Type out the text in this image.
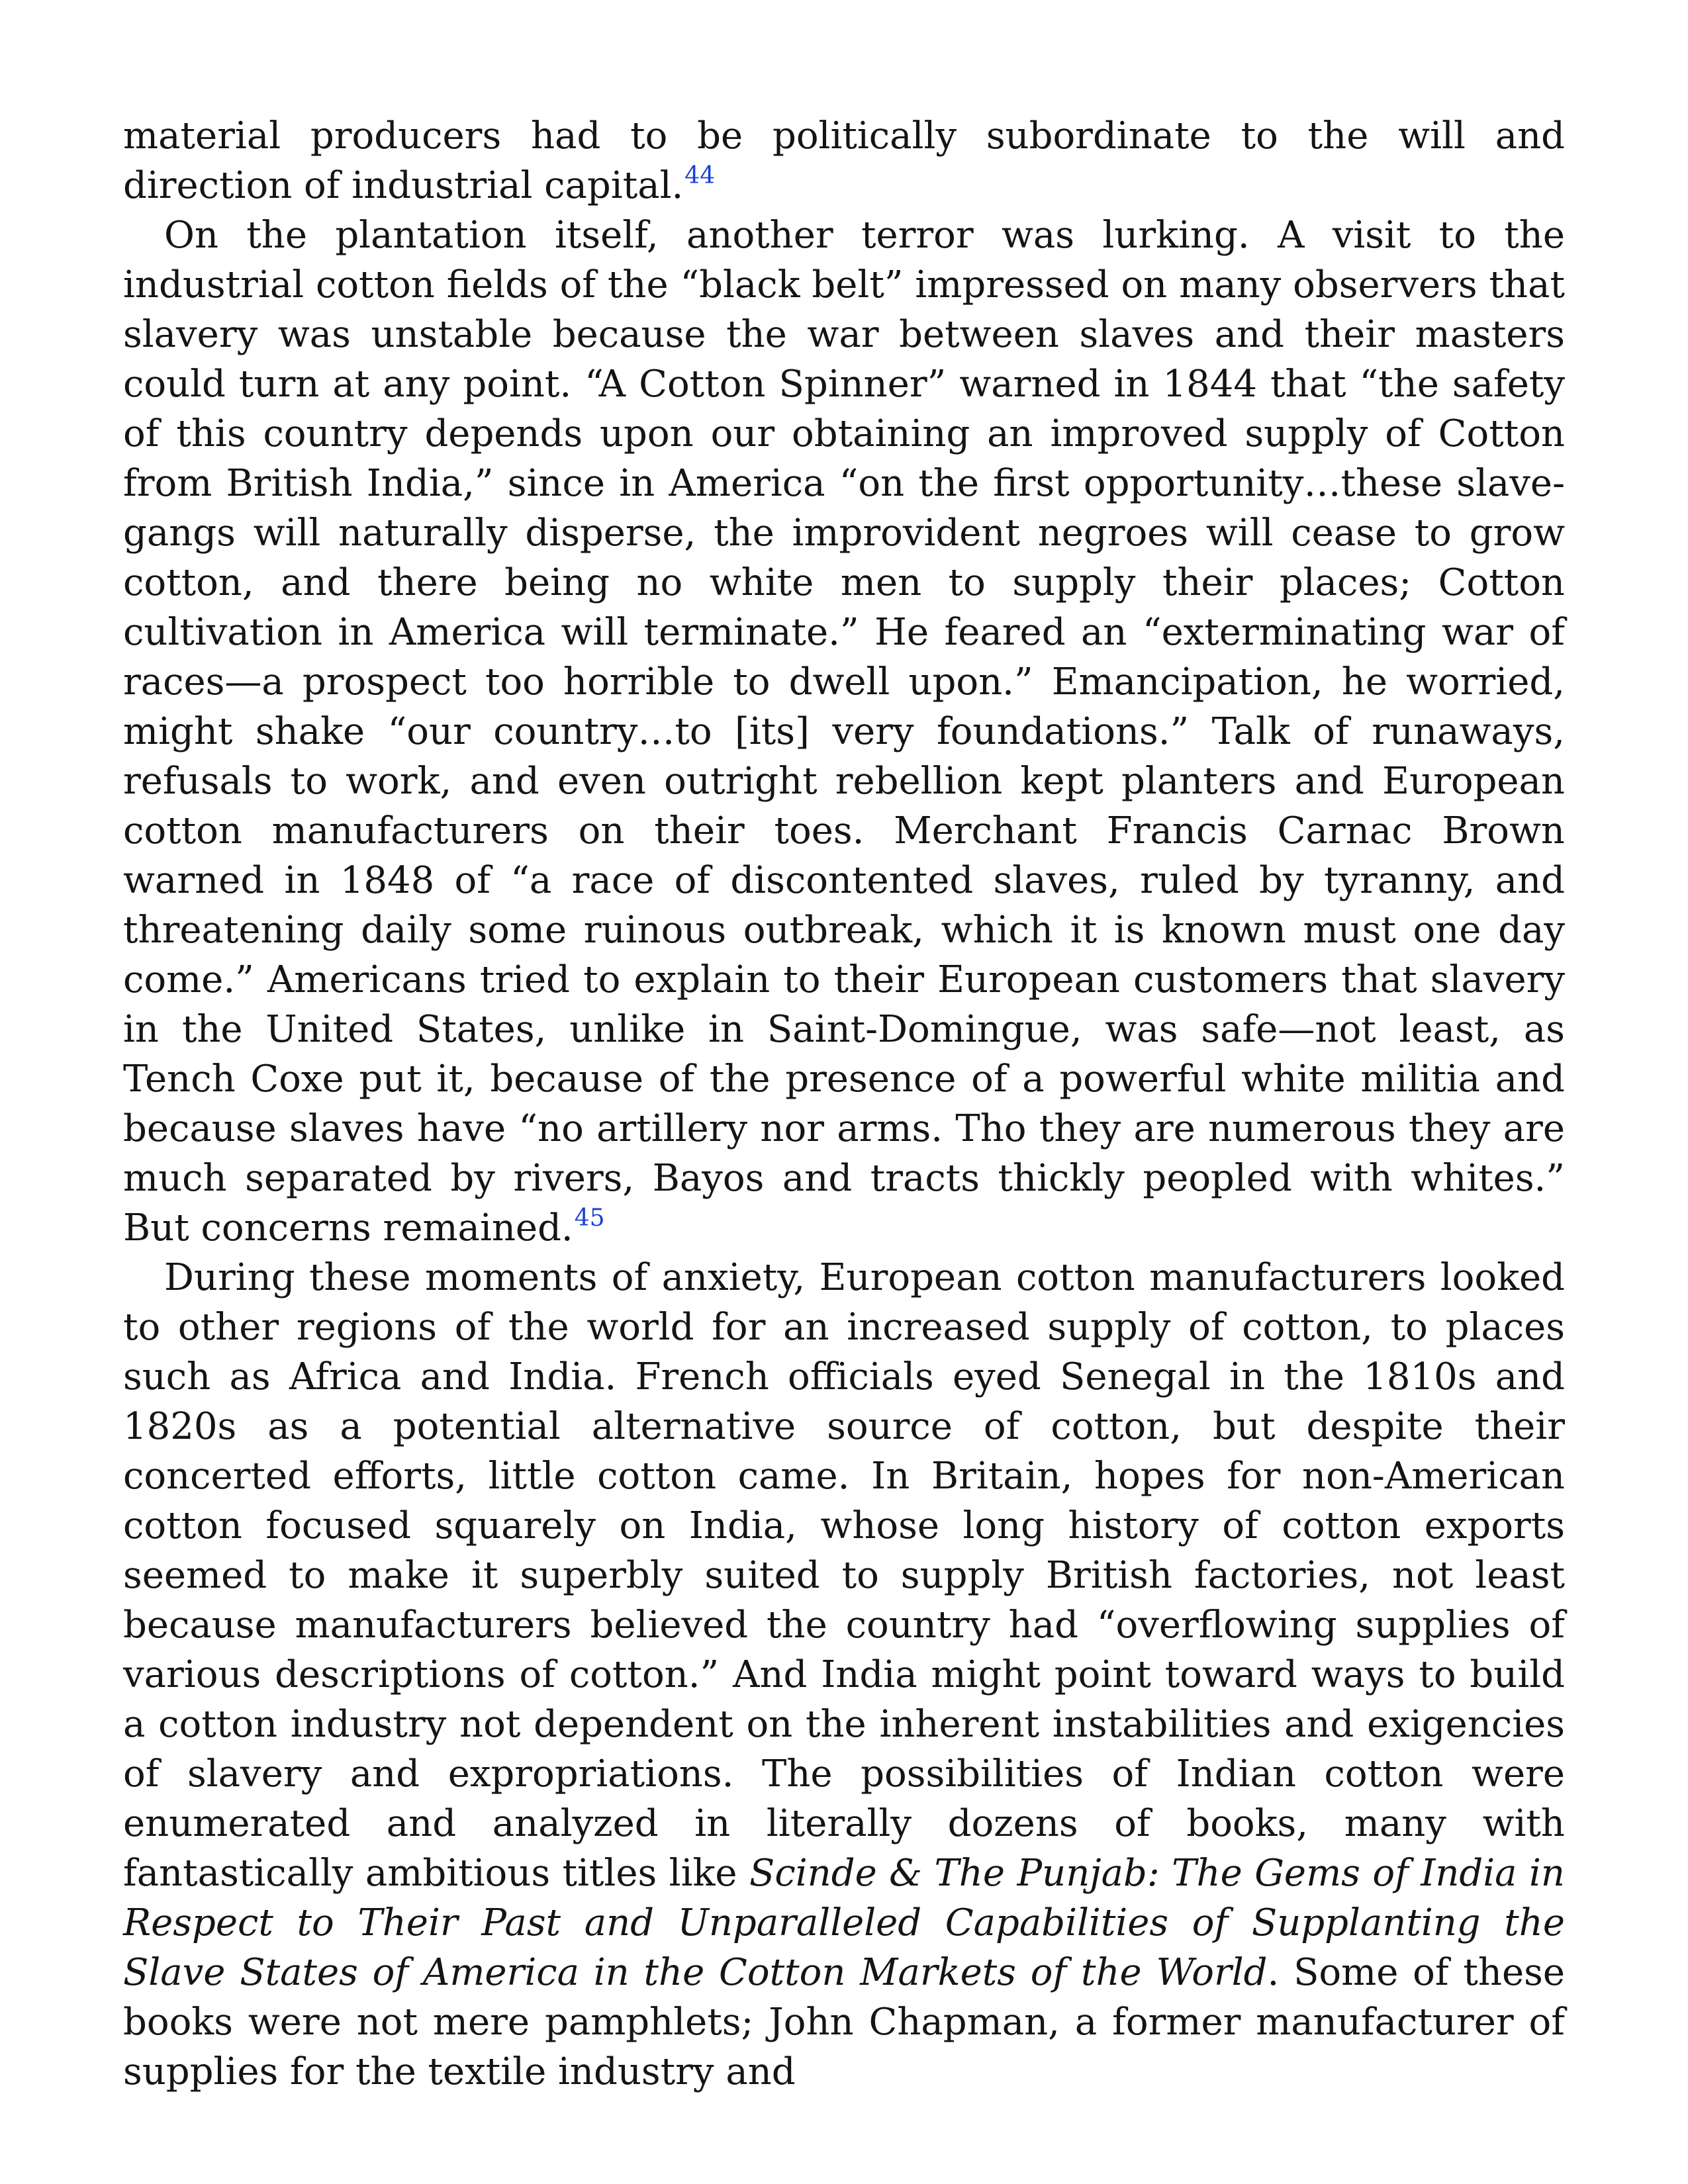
material producers had to be politically subordinate to the will and direction of industrial capital.$^{44}$

On the plantation itself, another terror was lurking. A visit to the industrial cotton fields of the “black belt” impressed on many observers that slavery was unstable because the war between slaves and their masters could turn at any point. “A Cotton Spinner” warned in 1844 that “the safety of this country depends upon our obtaining an improved supply of Cotton from British India,” since in America “on the first opportunity…these slave-gangs will naturally disperse, the improvident negroes will cease to grow cotton, and there being no white men to supply their places; Cotton cultivation in America will terminate.” He feared an “exterminating war of races—a prospect too horrible to dwell upon.” Emancipation, he worried, might shake “our country…to [its] very foundations.” Talk of runaways, refusals to work, and even outright rebellion kept planters and European cotton manufacturers on their toes. Merchant Francis Carnac Brown warned in 1848 of “a race of discontented slaves, ruled by tyranny, and threatening daily some ruinous outbreak, which it is known must one day come.” Americans tried to explain to their European customers that slavery in the United States, unlike in Saint-Domingue, was safe—not least, as Tench Coxe put it, because of the presence of a powerful white militia and because slaves have “no artillery nor arms. Tho they are numerous they are much separated by rivers, Bayos and tracts thickly peopled with whites.” But concerns remained.$^{45}$

During these moments of anxiety, European cotton manufacturers looked to other regions of the world for an increased supply of cotton, to places such as Africa and India. French officials eyed Senegal in the 1810s and 1820s as a potential alternative source of cotton, but despite their concerted efforts, little cotton came. In Britain, hopes for non-American cotton focused squarely on India, whose long history of cotton exports seemed to make it superbly suited to supply British factories, not least because manufacturers believed the country had “overflowing supplies of various descriptions of cotton.” And India might point toward ways to build a cotton industry not dependent on the inherent instabilities and exigencies of slavery and expropriations. The possibilities of Indian cotton were enumerated and analyzed in literally dozens of books, many with fantastically ambitious titles like Scinde & The Punjab: The Gems of India in Respect to Their Past and Unparalleled Capabilities of Supplanting the Slave States of America in the Cotton Markets of the World. Some of these books were not mere pamphlets; John Chapman, a former manufacturer of supplies for the textile industry and
